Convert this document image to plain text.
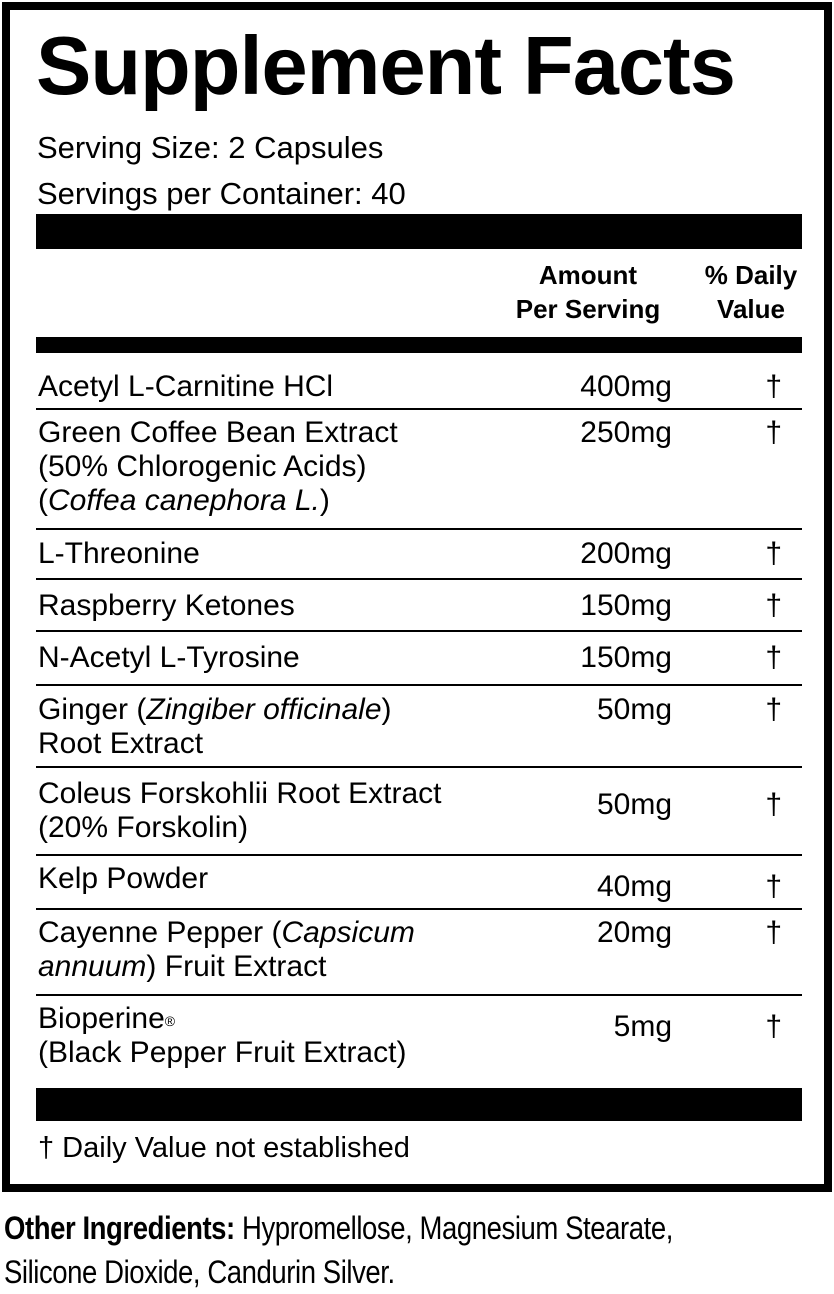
Supplement Facts
Serving Size: 2 Capsules
Servings per Container: 40
Amount
Per Serving
% Daily
Value
Acetyl L-Carnitine HCl	400mg	†
Green Coffee Bean Extract
(50% Chlorogenic Acids)
(Coffea canephora L.)
250mg	†
L-Threonine	200mg	†
Raspberry Ketones	150mg	†
N-Acetyl L-Tyrosine	150mg	†
Ginger (Zingiber officinale)
Root Extract
50mg	†
Coleus Forskohlii Root Extract
(20% Forskolin)
50mg	†
Kelp Powder	40mg	†
Cayenne Pepper (Capsicum
annuum) Fruit Extract
20mg	†
Bioperine®
(Black Pepper Fruit Extract)
5mg	†
† Daily Value not established
Other Ingredients: Hypromellose, Magnesium Stearate,
Silicone Dioxide, Candurin Silver.
